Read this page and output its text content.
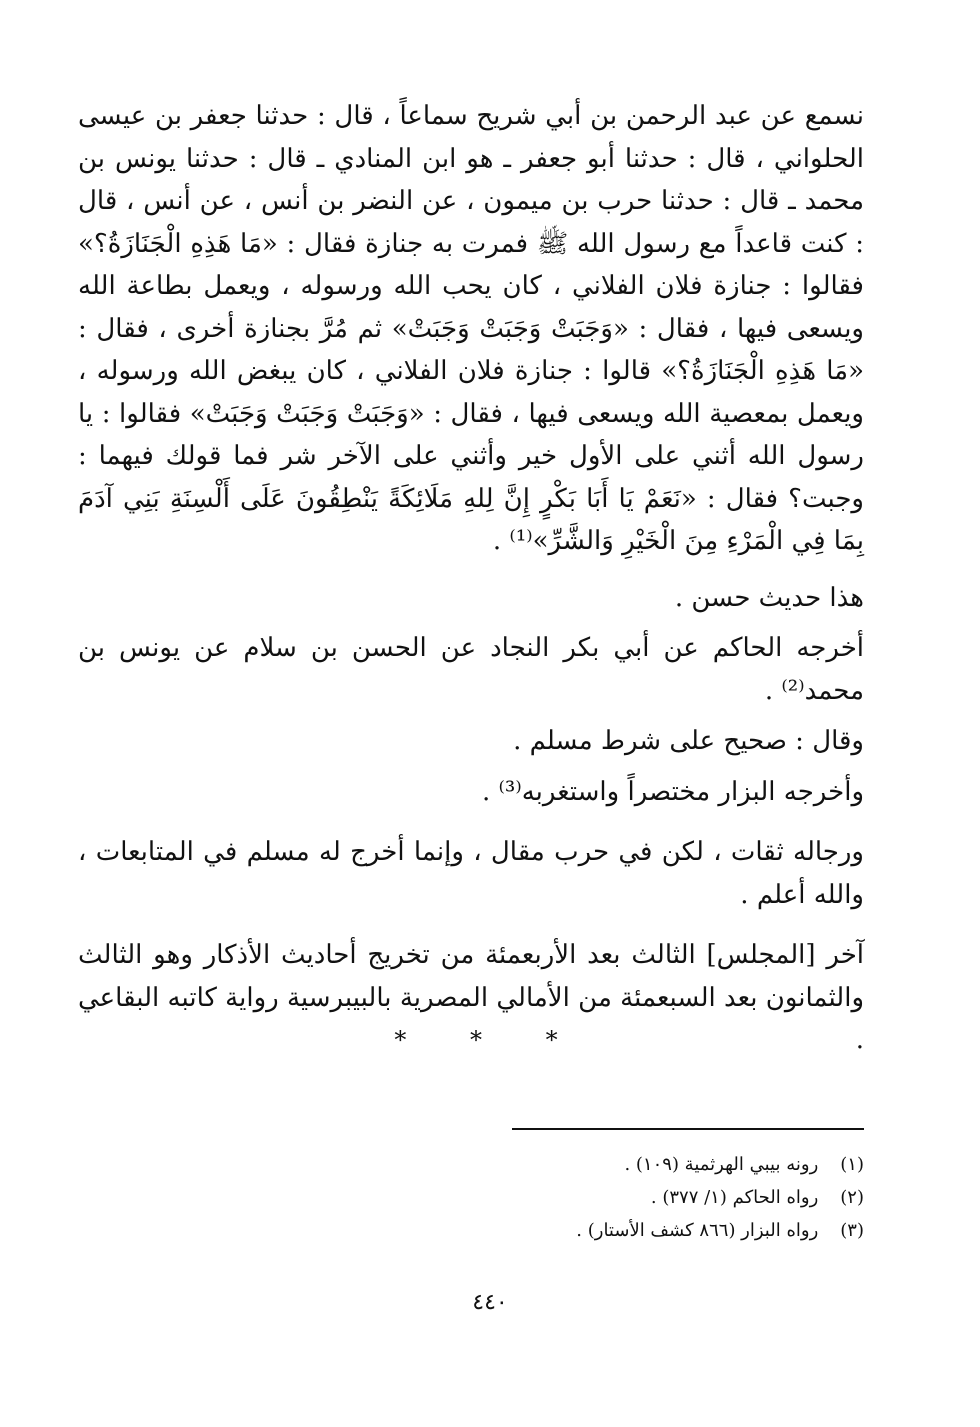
نسمع عن عبد الرحمن بن أبي شريح سماعاً ، قال : حدثنا جعفر بن عيسى الحلواني ، قال : حدثنا أبو جعفر ـ هو ابن المنادي ـ قال : حدثنا يونس بن محمد ـ قال : حدثنا حرب بن ميمون ، عن النضر بن أنس ، عن أنس ، قال : كنت قاعداً مع رسول الله ﷺ فمرت به جنازة فقال : «مَا هَذِهِ الْجَنَازَةُ؟» فقالوا : جنازة فلان الفلاني ، كان يحب الله ورسوله ، ويعمل بطاعة الله ويسعى فيها ، فقال : «وَجَبَتْ وَجَبَتْ وَجَبَتْ» ثم مُرَّ بجنازة أخرى ، فقال : «مَا هَذِهِ الْجَنَازَةُ؟» قالوا : جنازة فلان الفلاني ، كان يبغض الله ورسوله ، ويعمل بمعصية الله ويسعى فيها ، فقال : «وَجَبَتْ وَجَبَتْ وَجَبَتْ» فقالوا : يا رسول الله أثني على الأول خير وأثني على الآخر شر فما قولك فيهما : وجبت؟ فقال : «نَعَمْ يَا أَبَا بَكْرٍ إِنَّ لِلهِ مَلَائِكَةً يَنْطِقُونَ عَلَى أَلْسِنَةِ بَنِي آدَمَ بِمَا فِي الْمَرْءِ مِنَ الْخَيْرِ وَالشَّرِّ»⁽¹⁾ .

هذا حديث حسن .

أخرجه الحاكم عن أبي بكر النجاد عن الحسن بن سلام عن يونس بن محمد⁽²⁾ .

وقال : صحيح على شرط مسلم .

وأخرجه البزار مختصراً واستغربه⁽³⁾ .

ورجاله ثقات ، لكن في حرب مقال ، وإنما أخرج له مسلم في المتابعات ، والله أعلم .

آخر [المجلس] الثالث بعد الأربعمئة من تخريج أحاديث الأذكار وهو الثالث والثمانون بعد السبعمئة من الأمالي المصرية بالبيبرسية رواية كاتبه البقاعي .

* * *

(١)رونه بيبي الهرثمية (١٠٩) .

(٢)رواه الحاكم (١/ ٣٧٧) .

(٣)رواه البزار (٨٦٦ كشف الأستار) .

٤٤٠
